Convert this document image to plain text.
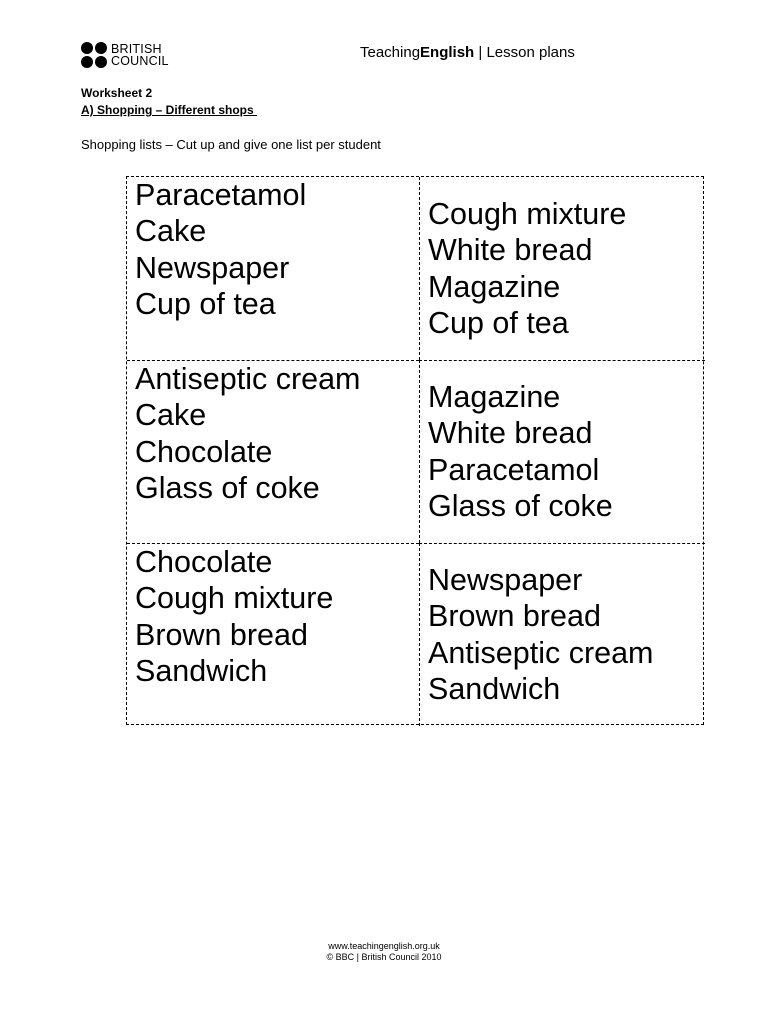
BRITISH
COUNCIL	TeachingEnglish | Lesson plans
Worksheet 2
A) Shopping – Different shops
Shopping lists – Cut up and give one list per student
Paracetamol
Cake
Newspaper
Cup of tea
Cough mixture
White bread
Magazine
Cup of tea
Antiseptic cream
Cake
Chocolate
Glass of coke
Magazine
White bread
Paracetamol
Glass of coke
Chocolate
Cough mixture
Brown bread
Sandwich
Newspaper
Brown bread
Antiseptic cream
Sandwich
www.teachingenglish.org.uk
© BBC | British Council 2010
